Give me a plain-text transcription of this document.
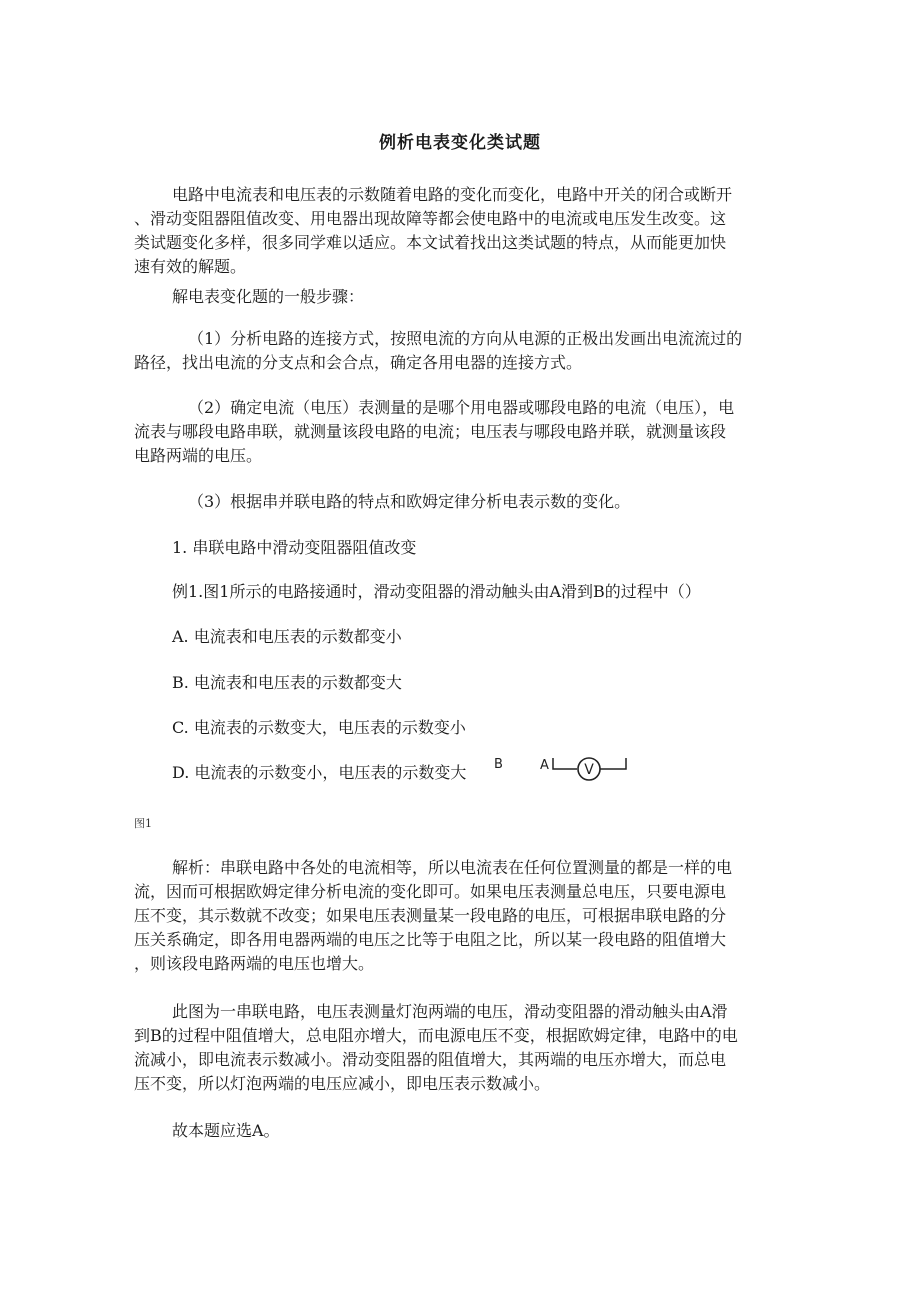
例析电表变化类试题

电路中电流表和电压表的示数随着电路的变化而变化，电路中开关的闭合或断开

、滑动变阻器阻值改变、用电器出现故障等都会使电路中的电流或电压发生改变。这

类试题变化多样，很多同学难以适应。本文试着找出这类试题的特点，从而能更加快

速有效的解题。

解电表变化题的一般步骤：

（1）分析电路的连接方式，按照电流的方向从电源的正极出发画出电流流过的

路径，找出电流的分支点和会合点，确定各用电器的连接方式。

（2）确定电流（电压）表测量的是哪个用电器或哪段电路的电流（电压），电

流表与哪段电路串联，就测量该段电路的电流；电压表与哪段电路并联，就测量该段

电路两端的电压。

（3）根据串并联电路的特点和欧姆定律分析电表示数的变化。

1. 串联电路中滑动变阻器阻值改变

例1.图1所示的电路接通时，滑动变阻器的滑动触头由A滑到B的过程中（）

A. 电流表和电压表的示数都变小

B. 电流表和电压表的示数都变大

C. 电流表的示数变大，电压表的示数变小

D. 电流表的示数变小，电压表的示数变大 B	A	V

图1

解析：串联电路中各处的电流相等，所以电流表在任何位置测量的都是一样的电

流，因而可根据欧姆定律分析电流的变化即可。如果电压表测量总电压，只要电源电

压不变，其示数就不改变；如果电压表测量某一段电路的电压，可根据串联电路的分

压关系确定，即各用电器两端的电压之比等于电阻之比，所以某一段电路的阻值增大

，则该段电路两端的电压也增大。

此图为一串联电路，电压表测量灯泡两端的电压，滑动变阻器的滑动触头由A滑

到B的过程中阻值增大，总电阻亦增大，而电源电压不变，根据欧姆定律，电路中的电

流减小，即电流表示数减小。滑动变阻器的阻值增大，其两端的电压亦增大，而总电

压不变，所以灯泡两端的电压应减小，即电压表示数减小。

故本题应选A。
